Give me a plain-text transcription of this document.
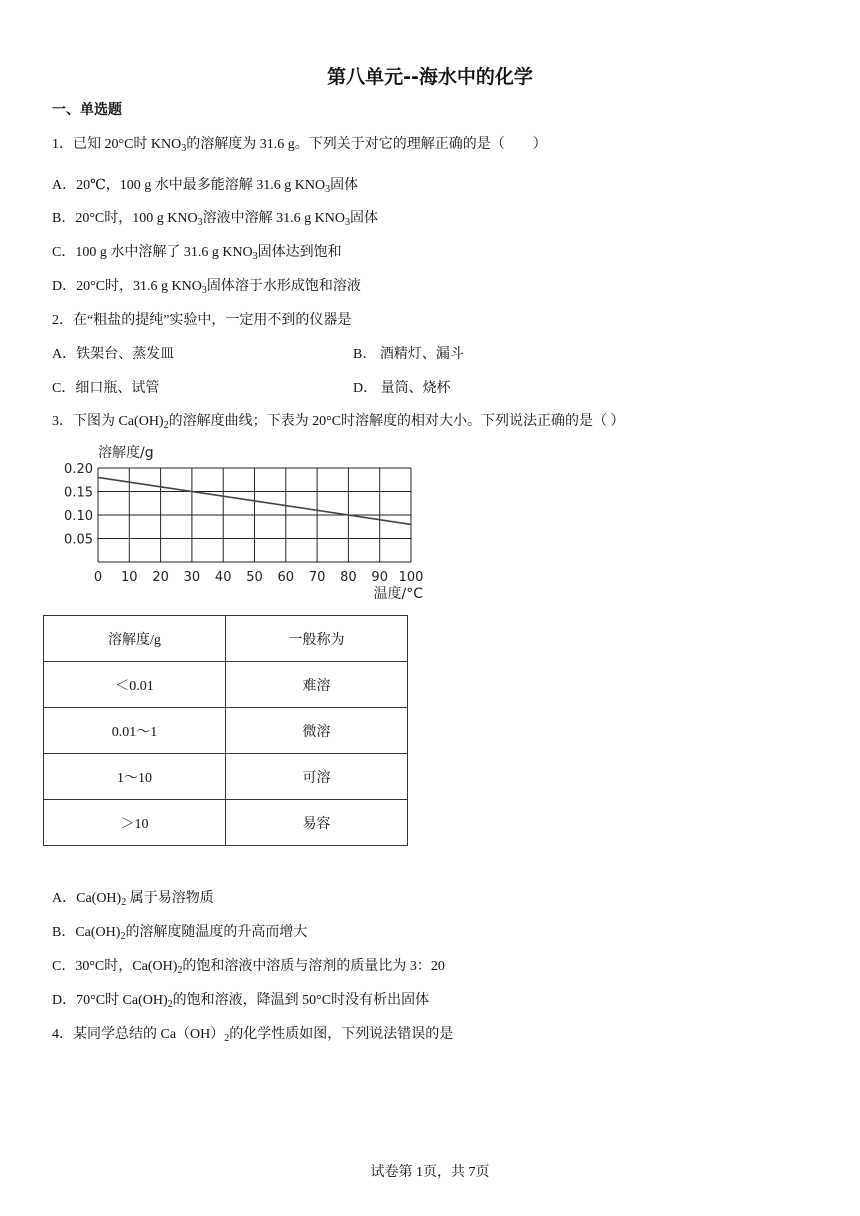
第八单元--海水中的化学
一、单选题
1．已知 20°C时 $KNO_3$的溶解度为 31.6 g。下列关于对它的理解正确的是（　　）
A．20℃，100 g 水中最多能溶解 31.6 g $KNO_3$固体
B．20°C时，100 g $KNO_3$溶液中溶解 31.6 g $KNO_3$固体
C．100 g 水中溶解了 31.6 g $KNO_3$固体达到饱和
D．20°C时，31.6 g $KNO_3$固体溶于水形成饱和溶液
2．在“粗盐的提纯”实验中，一定用不到的仪器是
A．铁架台、蒸发皿	B． 酒精灯、漏斗
C．细口瓶、试管	D． 量筒、烧杯
3．下图为 $Ca(OH)_2$的溶解度曲线；下表为 20°C时溶解度的相对大小。下列说法正确的是（ ）
0.05
0.10
0.15
0.20
0 10 20 30 40 50 60 70 80 90 100
溶解度/g
温度/°C
溶解度/g	一般称为
＜0.01	难溶
0.01～1	微溶
1～10	可溶
＞10	易容
A．$Ca(OH)_2$ 属于易溶物质
B．$Ca(OH)_2$的溶解度随温度的升高而增大
C．30°C时，$Ca(OH)_2$的饱和溶液中溶质与溶剂的质量比为 3：20
D．70°C时 $Ca(OH)_2$的饱和溶液，降温到 50°C时没有析出固体
4．某同学总结的 $Ca(OH)_2$的化学性质如图，下列说法错误的是
试卷第 1页，共 7页
